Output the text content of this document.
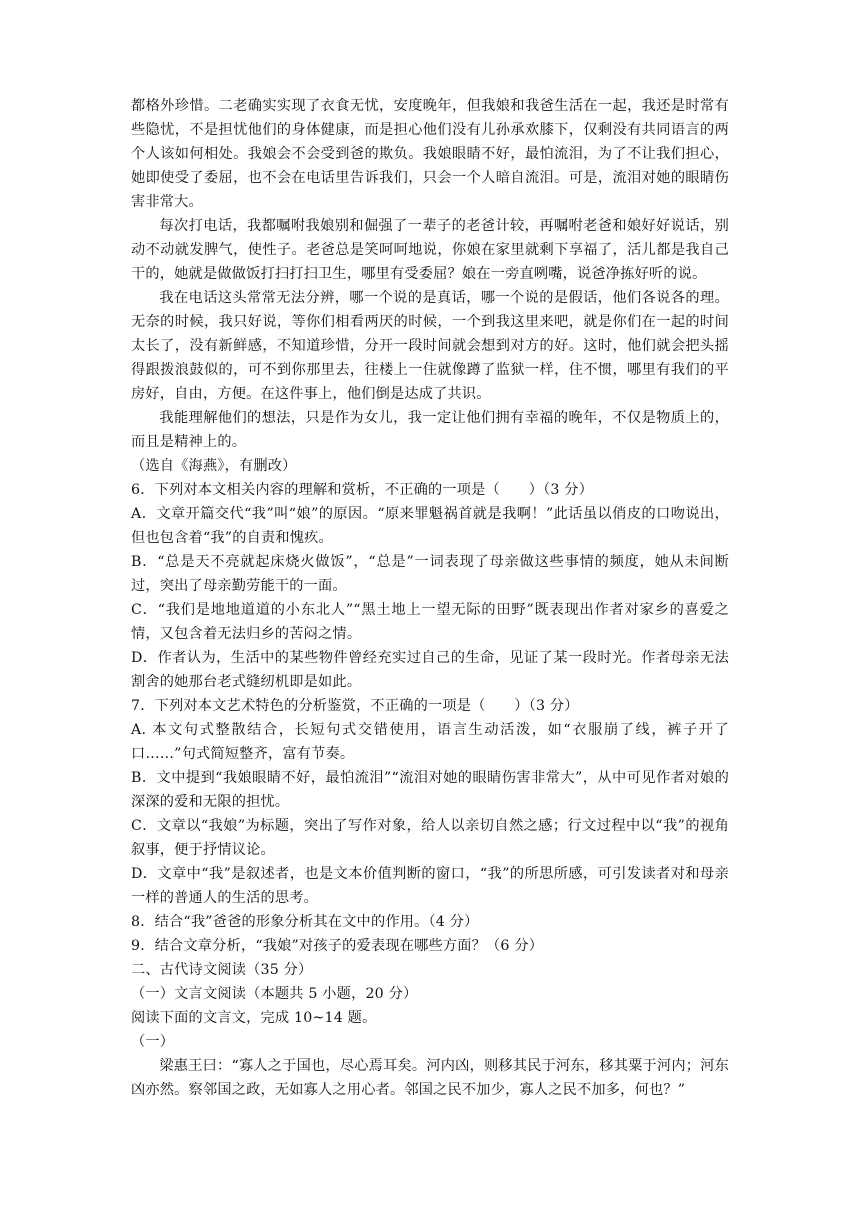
都格外珍惜。二老确实实现了衣食无忧，安度晚年，但我娘和我爸生活在一起，我还是时常有些隐忧，不是担忧他们的身体健康，而是担心他们没有儿孙承欢膝下，仅剩没有共同语言的两个人该如何相处。我娘会不会受到爸的欺负。我娘眼睛不好，最怕流泪，为了不让我们担心，她即使受了委屈，也不会在电话里告诉我们，只会一个人暗自流泪。可是，流泪对她的眼睛伤害非常大。

每次打电话，我都嘱咐我娘别和倔强了一辈子的老爸计较，再嘱咐老爸和娘好好说话，别动不动就发脾气，使性子。老爸总是笑呵呵地说，你娘在家里就剩下享福了，活儿都是我自己干的，她就是做做饭打扫打扫卫生，哪里有受委屈？娘在一旁直咧嘴，说爸净拣好听的说。

我在电话这头常常无法分辨，哪一个说的是真话，哪一个说的是假话，他们各说各的理。无奈的时候，我只好说，等你们相看两厌的时候，一个到我这里来吧，就是你们在一起的时间太长了，没有新鲜感，不知道珍惜，分开一段时间就会想到对方的好。这时，他们就会把头摇得跟拨浪鼓似的，可不到你那里去，往楼上一住就像蹲了监狱一样，住不惯，哪里有我们的平房好，自由，方便。在这件事上，他们倒是达成了共识。

我能理解他们的想法，只是作为女儿，我一定让他们拥有幸福的晚年，不仅是物质上的，而且是精神上的。

（选自《海燕》，有删改）

6．下列对本文相关内容的理解和赏析，不正确的一项是（　　）（3 分）

A．文章开篇交代“我”叫“娘”的原因。“原来罪魁祸首就是我啊！”此话虽以俏皮的口吻说出，但也包含着“我”的自责和愧疚。

B．“总是天不亮就起床烧火做饭”，“总是”一词表现了母亲做这些事情的频度，她从未间断过，突出了母亲勤劳能干的一面。

C．“我们是地地道道的小东北人”“黑土地上一望无际的田野”既表现出作者对家乡的喜爱之情，又包含着无法归乡的苦闷之情。

D．作者认为，生活中的某些物件曾经充实过自己的生命，见证了某一段时光。作者母亲无法割舍的她那台老式缝纫机即是如此。

7．下列对本文艺术特色的分析鉴赏，不正确的一项是（　　）（3 分）

A. 本文句式整散结合，长短句式交错使用，语言生动活泼，如“衣服崩了线，裤子开了口……”句式简短整齐，富有节奏。

B．文中提到“我娘眼睛不好，最怕流泪”“流泪对她的眼睛伤害非常大”，从中可见作者对娘的深深的爱和无限的担忧。

C．文章以“我娘”为标题，突出了写作对象，给人以亲切自然之感；行文过程中以“我”的视角叙事，便于抒情议论。

D．文章中“我”是叙述者，也是文本价值判断的窗口，“我”的所思所感，可引发读者对和母亲一样的普通人的生活的思考。

8．结合“我”爸爸的形象分析其在文中的作用。（4 分）

9．结合文章分析，“我娘”对孩子的爱表现在哪些方面？（6 分）

二、古代诗文阅读（35 分）

（一）文言文阅读（本题共 5 小题，20 分）

阅读下面的文言文，完成 10~14 题。

（一）

梁惠王曰：“寡人之于国也，尽心焉耳矣。河内凶，则移其民于河东，移其粟于河内；河东凶亦然。察邻国之政，无如寡人之用心者。邻国之民不加少，寡人之民不加多，何也？”
